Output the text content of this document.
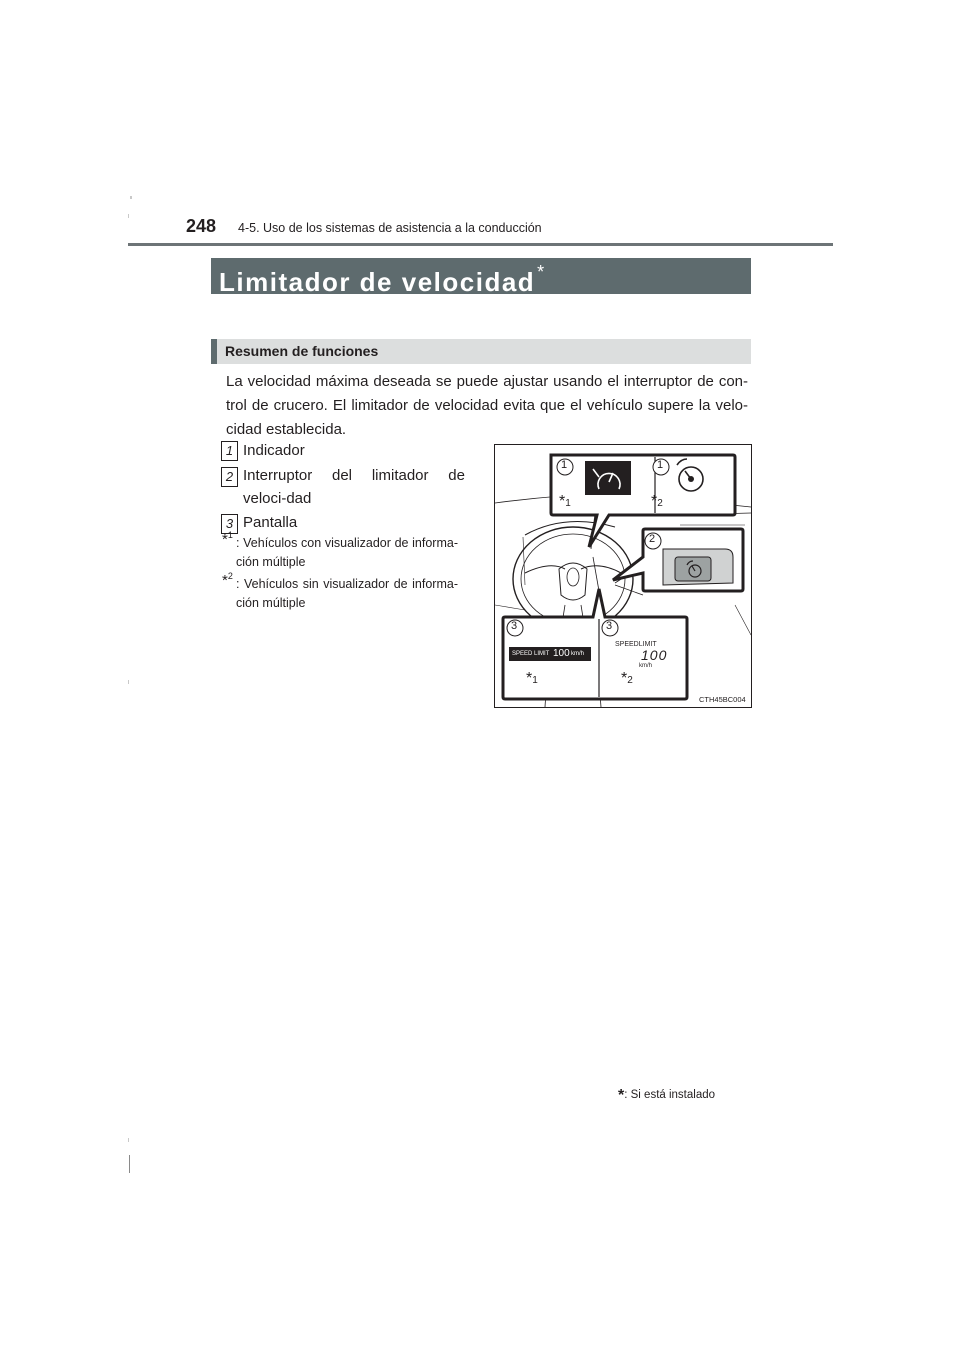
248 4-5. Uso de los sistemas de asistencia a la conducción
Limitador de velocidad *
Resumen de funciones
La velocidad máxima deseada se puede ajustar usando el interruptor de con-trol de crucero. El limitador de velocidad evita que el vehículo supere la velo-cidad establecida.
1 Indicador
2 Interruptor del limitador de veloci-dad
3 Pantalla
*$^1$
: Vehículos con visualizador de informa-ción múltiple
*$^2$
: Vehículos sin visualizador de informa-ción múltiple
1	1
*1	*2
2
3	3
SPEED LIMIT 100 km/h
SPEEDLIMIT
100
km/h
*1	*2
CTH45BC004
*: Si está instalado
